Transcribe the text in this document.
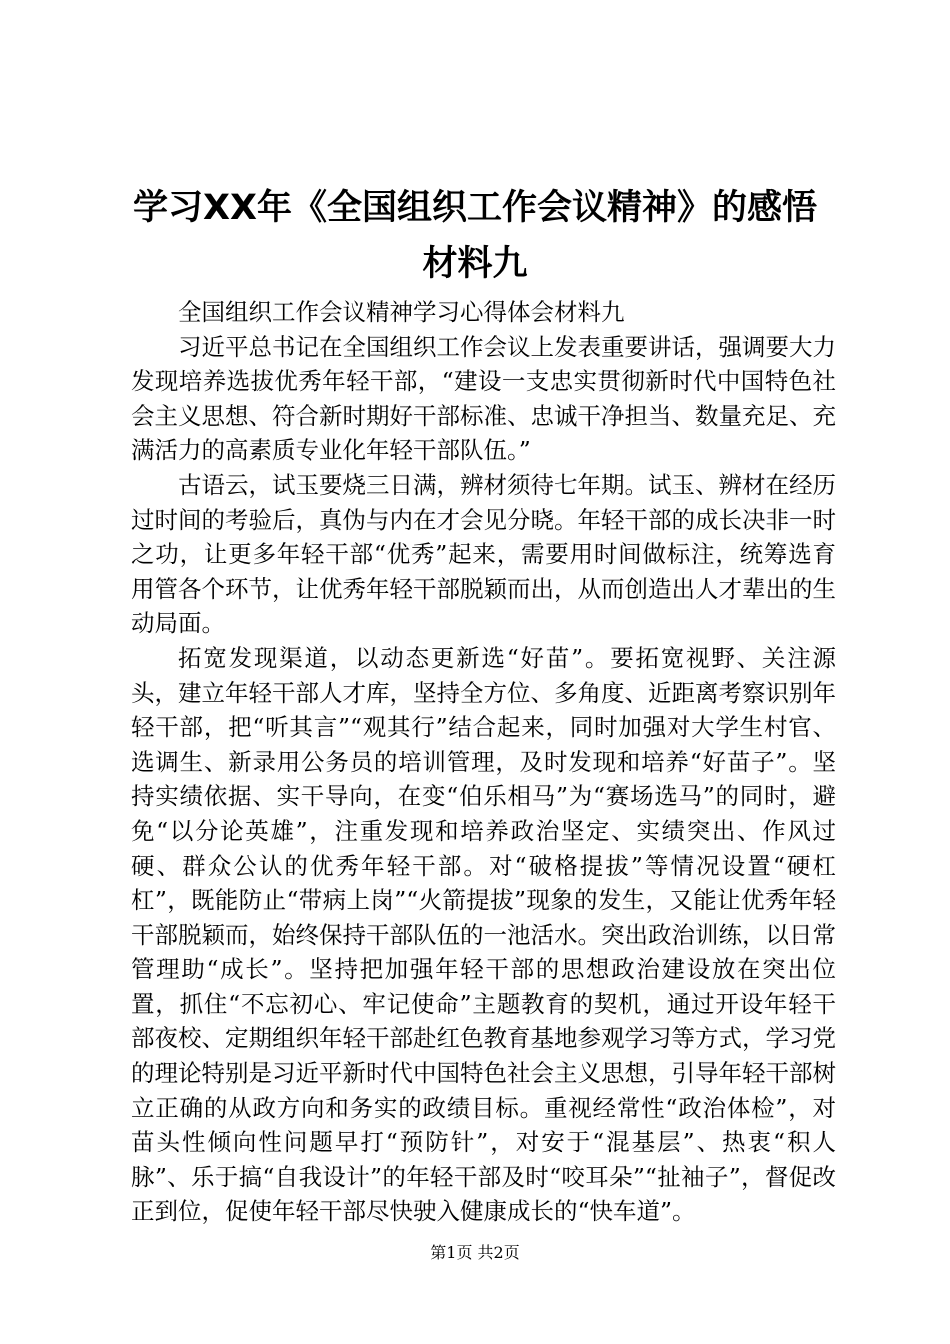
学习XX年《全国组织工作会议精神》的感悟
材料九

全国组织工作会议精神学习心得体会材料九

习近平总书记在全国组织工作会议上发表重要讲话，强调要大力发现培养选拔优秀年轻干部，“建设一支忠实贯彻新时代中国特色社会主义思想、符合新时期好干部标准、忠诚干净担当、数量充足、充满活力的高素质专业化年轻干部队伍。”

古语云，试玉要烧三日满，辨材须待七年期。试玉、辨材在经历过时间的考验后，真伪与内在才会见分晓。年轻干部的成长决非一时之功，让更多年轻干部“优秀”起来，需要用时间做标注，统筹选育用管各个环节，让优秀年轻干部脱颖而出，从而创造出人才辈出的生动局面。

拓宽发现渠道，以动态更新选“好苗”。要拓宽视野、关注源头，建立年轻干部人才库，坚持全方位、多角度、近距离考察识别年轻干部，把“听其言”“观其行”结合起来，同时加强对大学生村官、选调生、新录用公务员的培训管理，及时发现和培养“好苗子”。坚持实绩依据、实干导向，在变“伯乐相马”为“赛场选马”的同时，避免“以分论英雄”，注重发现和培养政治坚定、实绩突出、作风过硬、群众公认的优秀年轻干部。对“破格提拔”等情况设置“硬杠杠”，既能防止“带病上岗”“火箭提拔”现象的发生，又能让优秀年轻干部脱颖而，始终保持干部队伍的一池活水。突出政治训练，以日常管理助“成长”。坚持把加强年轻干部的思想政治建设放在突出位置，抓住“不忘初心、牢记使命”主题教育的契机，通过开设年轻干部夜校、定期组织年轻干部赴红色教育基地参观学习等方式，学习党的理论特别是习近平新时代中国特色社会主义思想，引导年轻干部树立正确的从政方向和务实的政绩目标。重视经常性“政治体检”，对苗头性倾向性问题早打“预防针”，对安于“混基层”、热衷“积人脉”、乐于搞“自我设计”的年轻干部及时“咬耳朵”“扯袖子”，督促改正到位，促使年轻干部尽快驶入健康成长的“快车道”。

第1页 共2页
